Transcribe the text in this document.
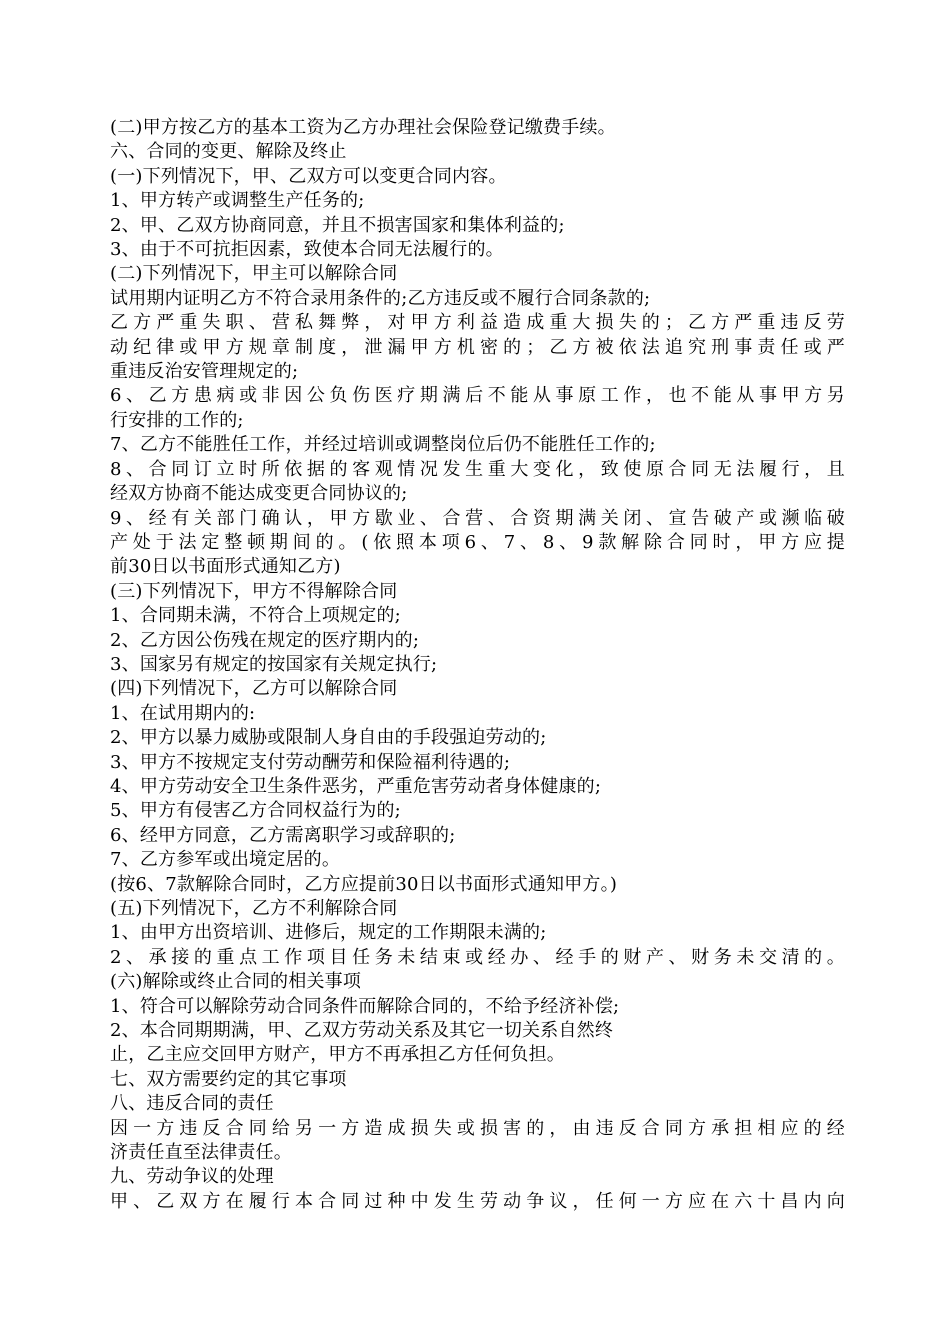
(二)甲方按乙方的基本工资为乙方办理社会保险登记缴费手续。
六、合同的变更、解除及终止
(一)下列情况下，甲、乙双方可以变更合同内容。
1、甲方转产或调整生产任务的;
2、甲、乙双方协商同意，并且不损害国家和集体利益的;
3、由于不可抗拒因素，致使本合同无法履行的。
(二)下列情况下，甲主可以解除合同
试用期内证明乙方不符合录用条件的;乙方违反或不履行合同条款的;
乙方严重失职、营私舞弊，对甲方利益造成重大损失的；乙方严重违反劳
动纪律或甲方规章制度，泄漏甲方机密的；乙方被依法追究刑事责任或严
重违反治安管理规定的;
6、乙方患病或非因公负伤医疗期满后不能从事原工作，也不能从事甲方另
行安排的工作的;
7、乙方不能胜任工作，并经过培训或调整岗位后仍不能胜任工作的;
8、合同订立时所依据的客观情况发生重大变化，致使原合同无法履行，且
经双方协商不能达成变更合同协议的;
9、经有关部门确认，甲方歇业、合营、合资期满关闭、宣告破产或濒临破
产处于法定整顿期间的。(依照本项6、7、8、9款解除合同时，甲方应提
前30日以书面形式通知乙方)
(三)下列情况下，甲方不得解除合同
1、合同期未满，不符合上项规定的;
2、乙方因公伤残在规定的医疗期内的;
3、国家另有规定的按国家有关规定执行;
(四)下列情况下，乙方可以解除合同
1、在试用期内的:
2、甲方以暴力威胁或限制人身自由的手段强迫劳动的;
3、甲方不按规定支付劳动酬劳和保险福利待遇的;
4、甲方劳动安全卫生条件恶劣，严重危害劳动者身体健康的;
5、甲方有侵害乙方合同权益行为的;
6、经甲方同意，乙方需离职学习或辞职的;
7、乙方参军或出境定居的。
(按6、7款解除合同时，乙方应提前30日以书面形式通知甲方。)
(五)下列情况下，乙方不利解除合同
1、由甲方出资培训、进修后，规定的工作期限未满的;
2、承接的重点工作项目任务未结束或经办、经手的财产、财务未交清的。
(六)解除或终止合同的相关事项
1、符合可以解除劳动合同条件而解除合同的，不给予经济补偿;
2、本合同期期满，甲、乙双方劳动关系及其它一切关系自然终
止，乙主应交回甲方财产，甲方不再承担乙方任何负担。
七、双方需要约定的其它事项
八、违反合同的责任
因一方违反合同给另一方造成损失或损害的，由违反合同方承担相应的经
济责任直至法律责任。
九、劳动争议的处理
甲、乙双方在履行本合同过种中发生劳动争议，任何一方应在六十昌内向
